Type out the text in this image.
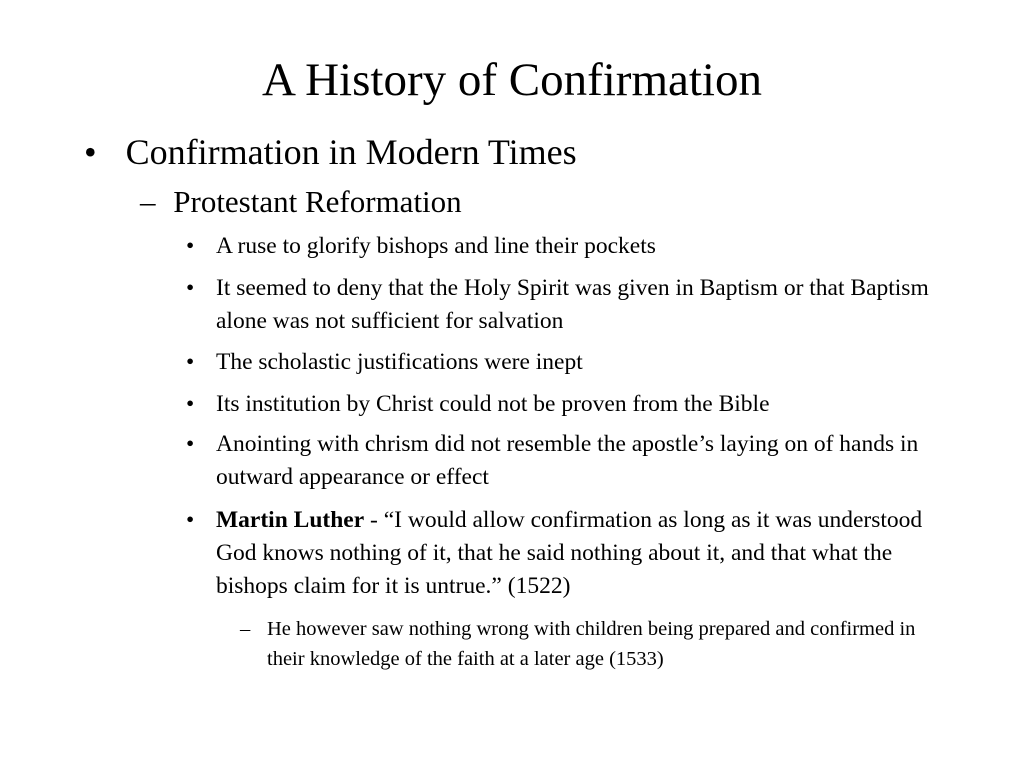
A History of Confirmation
• Confirmation in Modern Times
– Protestant Reformation
• A ruse to glorify bishops and line their pockets
• It seemed to deny that the Holy Spirit was given in Baptism or that Baptism alone was not sufficient for salvation
• The scholastic justifications were inept
• Its institution by Christ could not be proven from the Bible
• Anointing with chrism did not resemble the apostle’s laying on of hands in outward appearance or effect
• Martin Luther - “I would allow confirmation as long as it was understood God knows nothing of it, that he said nothing about it, and that what the bishops claim for it is untrue.” (1522)
– He however saw nothing wrong with children being prepared and confirmed in their knowledge of the faith at a later age (1533)
